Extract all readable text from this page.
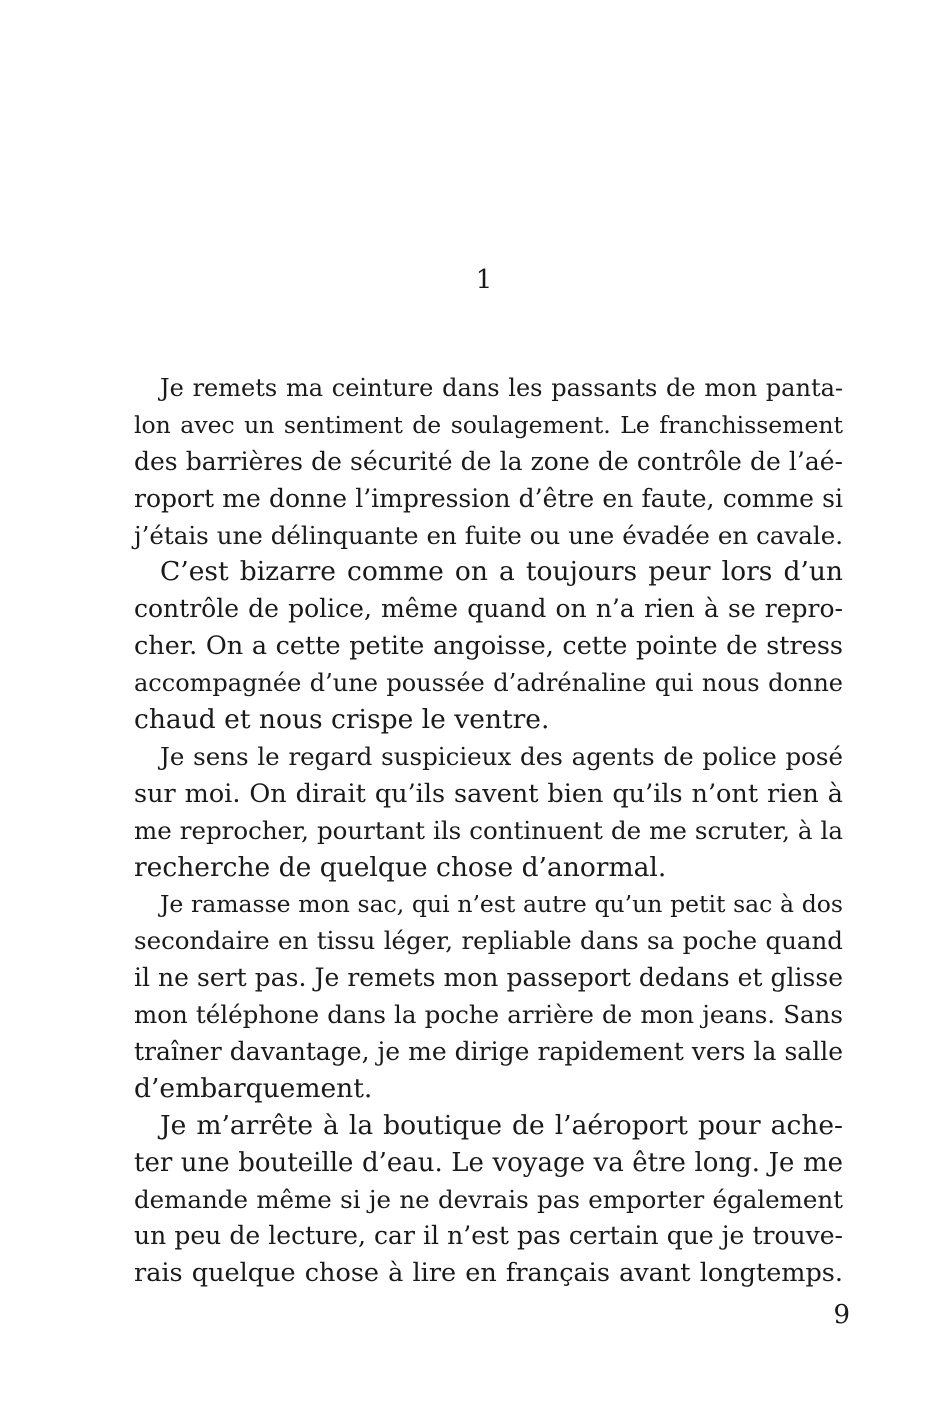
1
Je remets ma ceinture dans les passants de mon panta-
lon avec un sentiment de soulagement. Le franchissement
des barrières de sécurité de la zone de contrôle de l’aé-
roport me donne l’impression d’être en faute, comme si
j’étais une délinquante en fuite ou une évadée en cavale.
C’est bizarre comme on a toujours peur lors d’un
contrôle de police, même quand on n’a rien à se repro-
cher. On a cette petite angoisse, cette pointe de stress
accompagnée d’une poussée d’adrénaline qui nous donne
chaud et nous crispe le ventre.
Je sens le regard suspicieux des agents de police posé
sur moi. On dirait qu’ils savent bien qu’ils n’ont rien à
me reprocher, pourtant ils continuent de me scruter, à la
recherche de quelque chose d’anormal.
Je ramasse mon sac, qui n’est autre qu’un petit sac à dos
secondaire en tissu léger, repliable dans sa poche quand
il ne sert pas. Je remets mon passeport dedans et glisse
mon téléphone dans la poche arrière de mon jeans. Sans
traîner davantage, je me dirige rapidement vers la salle
d’embarquement.
Je m’arrête à la boutique de l’aéroport pour ache-
ter une bouteille d’eau. Le voyage va être long. Je me
demande même si je ne devrais pas emporter également
un peu de lecture, car il n’est pas certain que je trouve-
rais quelque chose à lire en français avant longtemps.
9
